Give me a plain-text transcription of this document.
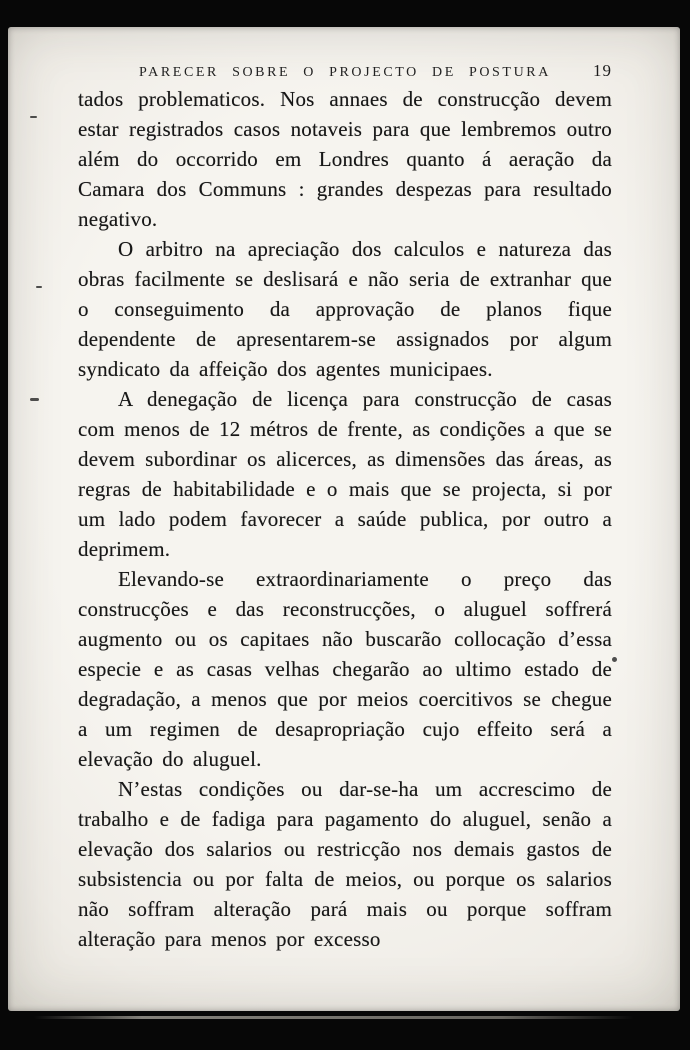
PARECER SOBRE O PROJECTO DE POSTURA	19

tados problematicos. Nos annaes de construcção devem estar registrados casos notaveis para que lembremos outro além do occorrido em Londres quanto á aeração da Camara dos Communs : grandes despezas para resultado negativo.

O arbitro na apreciação dos calculos e natureza das obras facilmente se deslisará e não seria de extranhar que o conseguimento da approvação de planos fique dependente de apresentarem-se assignados por algum syndicato da affeição dos agentes municipaes.

A denegação de licença para construcção de casas com menos de 12 métros de frente, as condições a que se devem subordinar os alicerces, as dimensões das áreas, as regras de habitabilidade e o mais que se projecta, si por um lado podem favorecer a saúde publica, por outro a deprimem.

Elevando-se extraordinariamente o preço das construcções e das reconstrucções, o aluguel soffrerá augmento ou os capitaes não buscarão collocação d’essa especie e as casas velhas chegarão ao ultimo estado de degradação, a menos que por meios coercitivos se chegue a um regimen de desapropriação cujo effeito será a elevação do aluguel.

N’estas condições ou dar-se-ha um accrescimo de trabalho e de fadiga para pagamento do aluguel, senão a elevação dos salarios ou restricção nos demais gastos de subsistencia ou por falta de meios, ou porque os salarios não soffram alteração pará mais ou porque soffram alteração para menos por excesso
